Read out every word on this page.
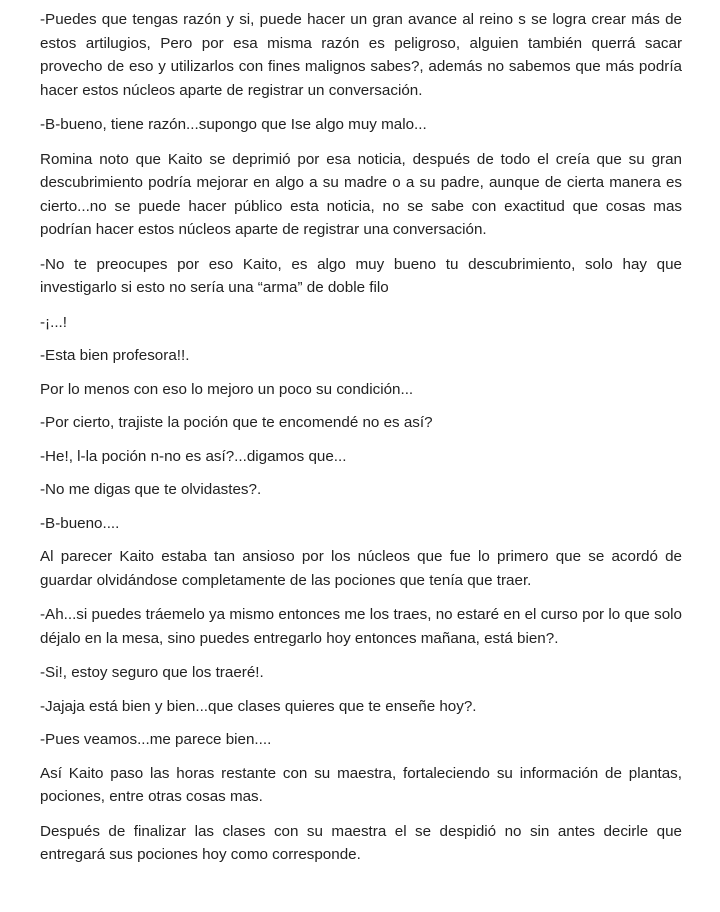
-Puedes que tengas razón y si, puede hacer un gran avance al reino s se logra crear más de estos artilugios, Pero por esa misma razón es peligroso, alguien también querrá sacar provecho de eso y utilizarlos con fines malignos sabes?, además no sabemos que más podría hacer estos núcleos aparte de registrar un conversación.

-B-bueno, tiene razón...supongo que Ise algo muy malo...

Romina noto que Kaito se deprimió por esa noticia, después de todo el creía que su gran descubrimiento podría mejorar en algo a su madre o a su padre, aunque de cierta manera es cierto...no se puede hacer público esta noticia, no se sabe con exactitud que cosas mas podrían hacer estos núcleos aparte de registrar una conversación.

-No te preocupes por eso Kaito, es algo muy bueno tu descubrimiento, solo hay que investigarlo si esto no sería una “arma” de doble filo

-¡...!

-Esta bien profesora!!.

Por lo menos con eso lo mejoro un poco su condición...

-Por cierto, trajiste la poción que te encomendé no es así?

-He!, l-la poción n-no es así?...digamos que...

-No me digas que te olvidastes?.

-B-bueno....

Al parecer Kaito estaba tan ansioso por los núcleos que fue lo primero que se acordó de guardar olvidándose completamente de las pociones que tenía que traer.

-Ah...si puedes tráemelo ya mismo entonces me los traes, no estaré en el curso por lo que solo déjalo en la mesa, sino puedes entregarlo hoy entonces mañana, está bien?.

-Si!, estoy seguro que los traeré!.

-Jajaja está bien y bien...que clases quieres que te enseñe hoy?.

-Pues veamos...me parece bien....

Así Kaito paso las horas restante con su maestra, fortaleciendo su información de plantas, pociones, entre otras cosas mas.

Después de finalizar las clases con su maestra el se despidió no sin antes decirle que entregará sus pociones hoy como corresponde.
